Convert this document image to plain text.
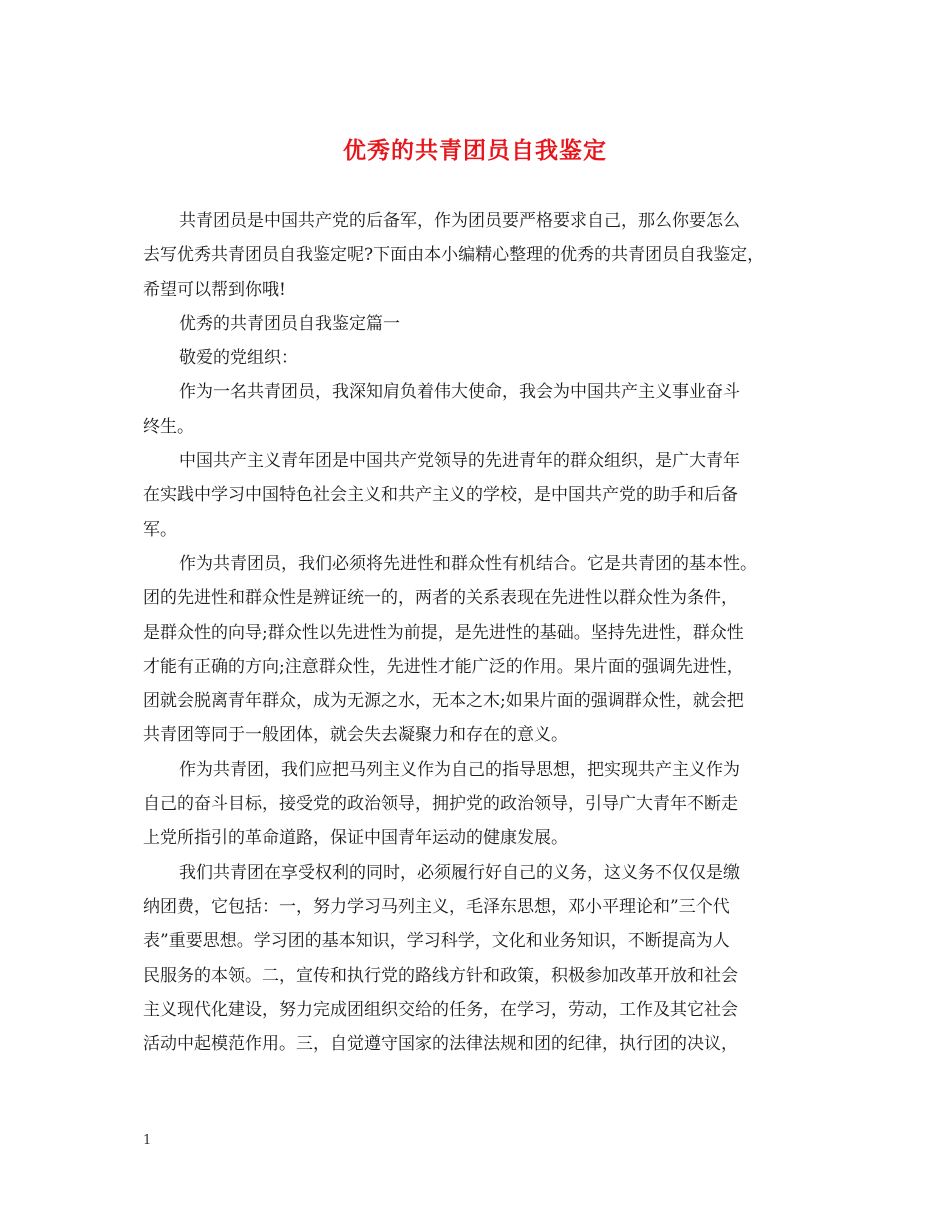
优秀的共青团员自我鉴定
共青团员是中国共产党的后备军，作为团员要严格要求自己，那么你要怎么
去写优秀共青团员自我鉴定呢?下面由本小编精心整理的优秀的共青团员自我鉴定，
希望可以帮到你哦!
优秀的共青团员自我鉴定篇一
敬爱的党组织：
作为一名共青团员，我深知肩负着伟大使命，我会为中国共产主义事业奋斗
终生。
中国共产主义青年团是中国共产党领导的先进青年的群众组织，是广大青年
在实践中学习中国特色社会主义和共产主义的学校，是中国共产党的助手和后备
军。
作为共青团员，我们必须将先进性和群众性有机结合。它是共青团的基本性。
团的先进性和群众性是辨证统一的，两者的关系表现在先进性以群众性为条件，
是群众性的向导;群众性以先进性为前提，是先进性的基础。坚持先进性，群众性
才能有正确的方向;注意群众性，先进性才能广泛的作用。果片面的强调先进性，
团就会脱离青年群众，成为无源之水，无本之木;如果片面的强调群众性，就会把
共青团等同于一般团体，就会失去凝聚力和存在的意义。
作为共青团，我们应把马列主义作为自己的指导思想，把实现共产主义作为
自己的奋斗目标，接受党的政治领导，拥护党的政治领导，引导广大青年不断走
上党所指引的革命道路，保证中国青年运动的健康发展。
我们共青团在享受权利的同时，必须履行好自己的义务，这义务不仅仅是缴
纳团费，它包括：一，努力学习马列主义，毛泽东思想，邓小平理论和”三个代
表”重要思想。学习团的基本知识，学习科学，文化和业务知识，不断提高为人
民服务的本领。二，宣传和执行党的路线方针和政策，积极参加改革开放和社会
主义现代化建设，努力完成团组织交给的任务，在学习，劳动，工作及其它社会
活动中起模范作用。三，自觉遵守国家的法律法规和团的纪律，执行团的决议，
1
